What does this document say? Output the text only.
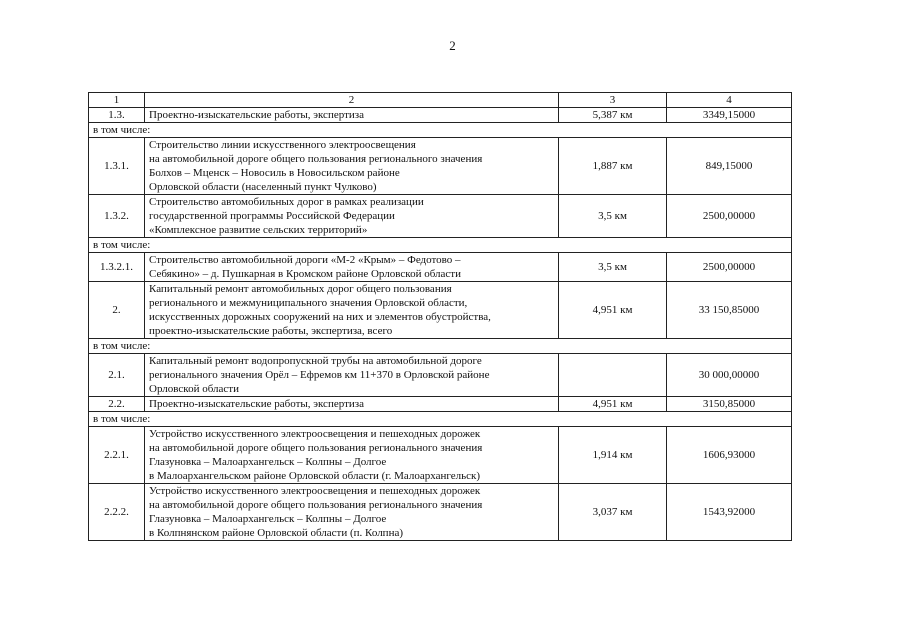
2
1	2	3	4
1.3.	Проектно-изыскательские работы, экспертиза	5,387 км	3349,15000
в том числе:			
1.3.1.	Строительство линии искусственного электроосвещения
на автомобильной дороге общего пользования регионального значения
Болхов – Мценск – Новосиль в Новосильском районе
Орловской области (населенный пункт Чулково)	1,887 км	849,15000
1.3.2.	Строительство автомобильных дорог в рамках реализации
государственной программы Российской Федерации
«Комплексное развитие сельских территорий»	3,5 км	2500,00000
в том числе:			
1.3.2.1.	Строительство автомобильной дороги «М-2 «Крым» – Федотово –
Себякино» – д. Пушкарная в Кромском районе Орловской области	3,5 км	2500,00000
2.	Капитальный ремонт автомобильных дорог общего пользования
регионального и межмуниципального значения Орловской области,
искусственных дорожных сооружений на них и элементов обустройства,
проектно-изыскательские работы, экспертиза, всего	4,951 км	33 150,85000
в том числе:			
2.1.	Капитальный ремонт водопропускной трубы на автомобильной дороге
регионального значения Орёл – Ефремов км 11+370 в Орловской районе
Орловской области		30 000,00000
2.2.	Проектно-изыскательские работы, экспертиза	4,951 км	3150,85000
в том числе:			
2.2.1.	Устройство искусственного электроосвещения и пешеходных дорожек
на автомобильной дороге общего пользования регионального значения
Глазуновка – Малоархангельск – Колпны – Долгое
в Малоархангельском районе Орловской области (г. Малоархангельск)	1,914 км	1606,93000
2.2.2.	Устройство искусственного электроосвещения и пешеходных дорожек
на автомобильной дороге общего пользования регионального значения
Глазуновка – Малоархангельск – Колпны – Долгое
в Колпнянском районе Орловской области (п. Колпна)	3,037 км	1543,92000
